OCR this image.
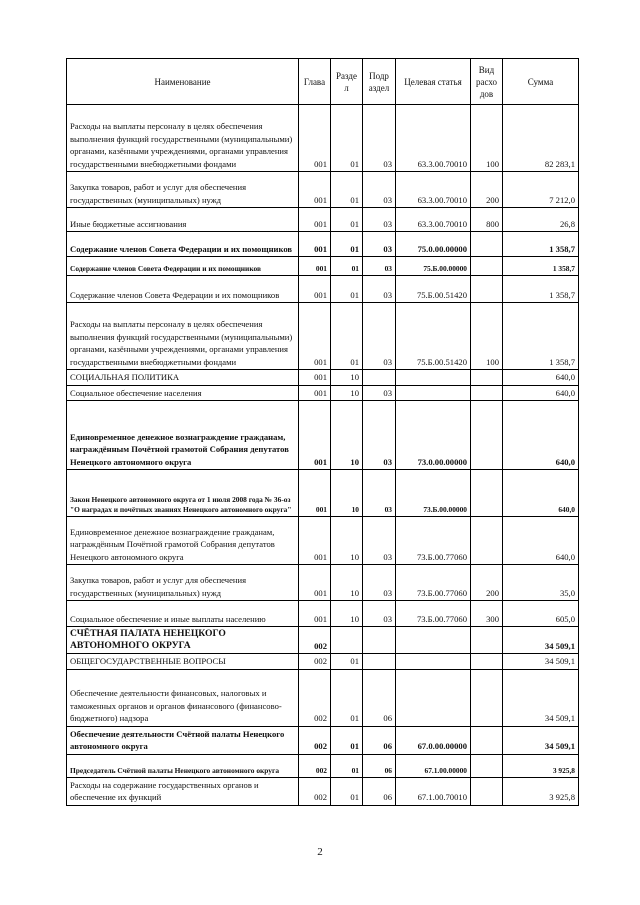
Наименование	Глава	Разде л	Подр аздел	Целевая статья	Вид расхо дов	Сумма
Расходы на выплаты персоналу в целях обеспечения выполнения функций государственными (муниципальными) органами, казёнными учреждениями, органами управления государственными внебюджетными фондами	001	01	03	63.3.00.70010	100	82 283,1
Закупка товаров, работ и услуг для обеспечения государственных (муниципальных) нужд	001	01	03	63.3.00.70010	200	7 212,0
Иные бюджетные ассигнования	001	01	03	63.3.00.70010	800	26,8
Содержание членов Совета Федерации и их помощников	001	01	03	75.0.00.00000		1 358,7
Содержание членов Совета Федерации и их помощников	001	01	03	75.Б.00.00000		1 358,7
Содержание членов Совета Федерации и их помощников	001	01	03	75.Б.00.51420		1 358,7
Расходы на выплаты персоналу в целях обеспечения выполнения функций государственными (муниципальными) органами, казёнными учреждениями, органами управления государственными внебюджетными фондами	001	01	03	75.Б.00.51420	100	1 358,7
СОЦИАЛЬНАЯ ПОЛИТИКА	001	10				640,0
Социальное обеспечение населения	001	10	03			640,0
Единовременное денежное вознаграждение гражданам, награждённым Почётной грамотой Собрания депутатов Ненецкого автономного округа	001	10	03	73.0.00.00000		640,0
Закон Ненецкого автономного округа от 1 июля 2008 года № 36-оз "О наградах и почётных званиях Ненецкого автономного округа"	001	10	03	73.Б.00.00000		640,0
Единовременное денежное вознаграждение гражданам, награждённым Почётной грамотой Собрания депутатов Ненецкого автономного округа	001	10	03	73.Б.00.77060		640,0
Закупка товаров, работ и услуг для обеспечения государственных (муниципальных) нужд	001	10	03	73.Б.00.77060	200	35,0
Социальное обеспечение и иные выплаты населению	001	10	03	73.Б.00.77060	300	605,0
СЧЁТНАЯ ПАЛАТА НЕНЕЦКОГО АВТОНОМНОГО ОКРУГА	002					34 509,1
ОБЩЕГОСУДАРСТВЕННЫЕ ВОПРОСЫ	002	01				34 509,1
Обеспечение деятельности финансовых, налоговых и таможенных органов и органов финансового (финансово-бюджетного) надзора	002	01	06			34 509,1
Обеспечение деятельности Счётной палаты Ненецкого автономного округа	002	01	06	67.0.00.00000		34 509,1
Председатель Счётной палаты Ненецкого автономного округа	002	01	06	67.1.00.00000		3 925,8
Расходы на содержание государственных органов и обеспечение их функций	002	01	06	67.1.00.70010		3 925,8
2
